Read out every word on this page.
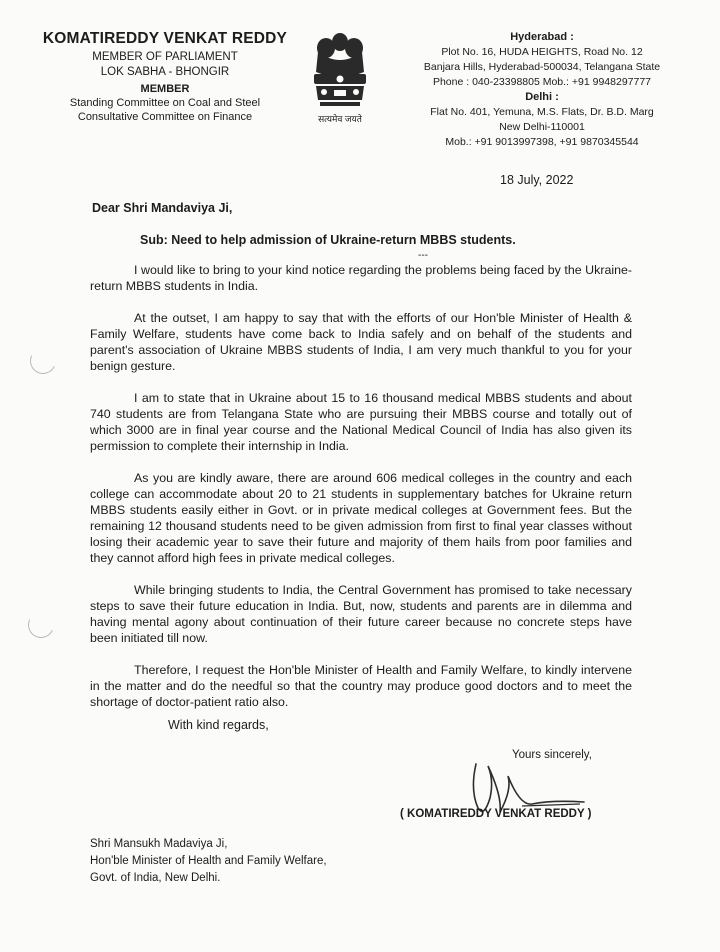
KOMATIREDDY VENKAT REDDY
MEMBER OF PARLIAMENT
LOK SABHA - BHONGIR
MEMBER
Standing Committee on Coal and Steel
Consultative Committee on Finance	सत्यमेव जयते
Hyderabad :
Plot No. 16, HUDA HEIGHTS, Road No. 12
Banjara Hills, Hyderabad-500034, Telangana State
Phone : 040-23398805 Mob.: +91 9948297777
Delhi :
Flat No. 401, Yemuna, M.S. Flats, Dr. B.D. Marg
New Delhi-110001
Mob.: +91 9013997398, +91 9870345544
18 July, 2022
Dear Shri Mandaviya Ji,
Sub: Need to help admission of Ukraine-return MBBS students.
---

I would like to bring to your kind notice regarding the problems being faced by the Ukraine-return MBBS students in India.

At the outset, I am happy to say that with the efforts of our Hon'ble Minister of Health & Family Welfare, students have come back to India safely and on behalf of the students and parent's association of Ukraine MBBS students of India, I am very much thankful to you for your benign gesture.

I am to state that in Ukraine about 15 to 16 thousand medical MBBS students and about 740 students are from Telangana State who are pursuing their MBBS course and totally out of which 3000 are in final year course and the National Medical Council of India has also given its permission to complete their internship in India.

As you are kindly aware, there are around 606 medical colleges in the country and each college can accommodate about 20 to 21 students in supplementary batches for Ukraine return MBBS students easily either in Govt. or in private medical colleges at Government fees. But the remaining 12 thousand students need to be given admission from first to final year classes without losing their academic year to save their future and majority of them hails from poor families and they cannot afford high fees in private medical colleges.

While bringing students to India, the Central Government has promised to take necessary steps to save their future education in India. But, now, students and parents are in dilemma and having mental agony about continuation of their future career because no concrete steps have been initiated till now.

Therefore, I request the Hon'ble Minister of Health and Family Welfare, to kindly intervene in the matter and do the needful so that the country may produce good doctors and to meet the shortage of doctor-patient ratio also.

With kind regards,
Yours sincerely,
( KOMATIREDDY VENKAT REDDY )
Shri Mansukh Madaviya Ji,
Hon'ble Minister of Health and Family Welfare,
Govt. of India, New Delhi.
